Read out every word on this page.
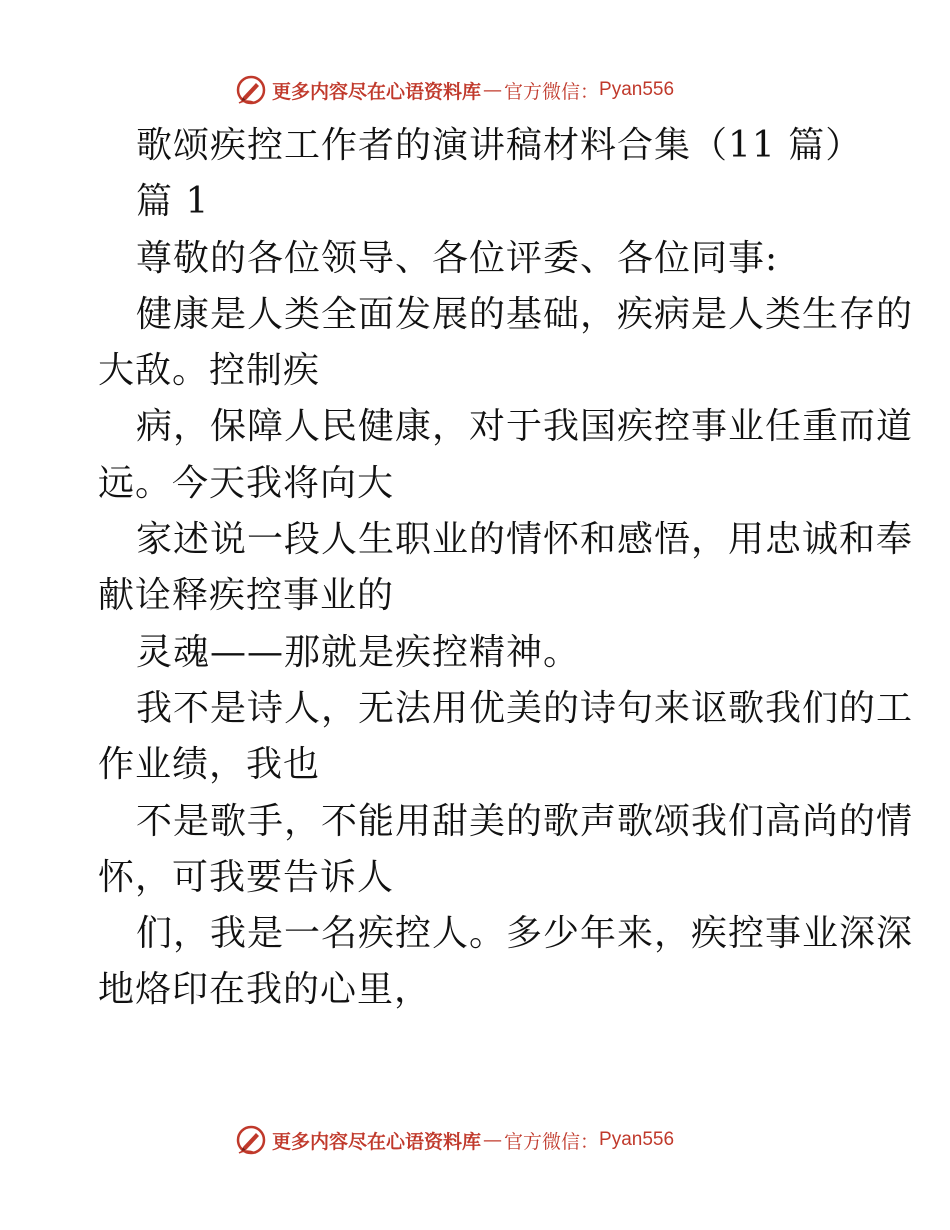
更多内容尽在心语资料库 — 官方微信： Pyan556
歌颂疾控工作者的演讲稿材料合集（11 篇）
篇 1
尊敬的各位领导、各位评委、各位同事:
健康是人类全面发展的基础，疾病是人类生存的
大敌。控制疾
病，保障人民健康，对于我国疾控事业任重而道
远。今天我将向大
家述说一段人生职业的情怀和感悟，用忠诚和奉
献诠释疾控事业的
灵魂——那就是疾控精神。
我不是诗人，无法用优美的诗句来讴歌我们的工
作业绩，我也
不是歌手，不能用甜美的歌声歌颂我们高尚的情
怀，可我要告诉人
们，我是一名疾控人。多少年来，疾控事业深深
地烙印在我的心里，
更多内容尽在心语资料库 — 官方微信： Pyan556
